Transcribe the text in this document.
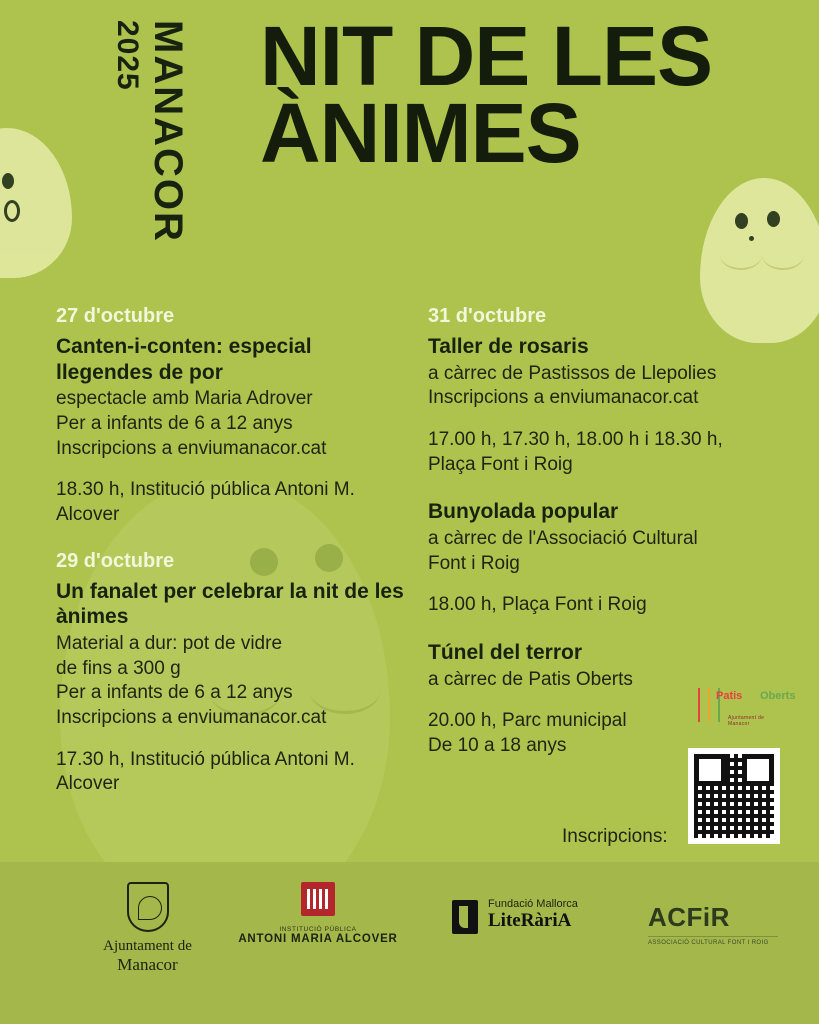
2025 MANACOR NIT DE LES
ÀNIMES
27 d'octubre
Canten-i-conten: especial llegendes de por
espectacle amb Maria Adrover
Per a infants de 6 a 12 anys
Inscripcions a enviumanacor.cat
18.30 h, Institució pública Antoni M. Alcover
29 d'octubre
Un fanalet per celebrar la nit de les ànimes
Material a dur: pot de vidre
de fins a 300 g
Per a infants de 6 a 12 anys
Inscripcions a enviumanacor.cat
17.30 h, Institució pública Antoni M. Alcover
31 d'octubre
Taller de rosaris
a càrrec de Pastissos de Llepolies
Inscripcions a enviumanacor.cat
17.00 h, 17.30 h, 18.00 h i 18.30 h, Plaça Font i Roig
Bunyolada popular
a càrrec de l'Associació Cultural
Font i Roig
18.00 h, Plaça Font i Roig
Túnel del terror
a càrrec de Patis Oberts
20.00 h, Parc municipal
De 10 a 18 anys
Patis Oberts
Ajuntament de Manacor
Inscripcions:
Ajuntament de
Manacor
INSTITUCIÓ PÚBLICA
ANTONI MARIA ALCOVER
Fundació Mallorca
LiteRàriA	ACFiR
ASSOCIACIÓ CULTURAL FONT I ROIG
